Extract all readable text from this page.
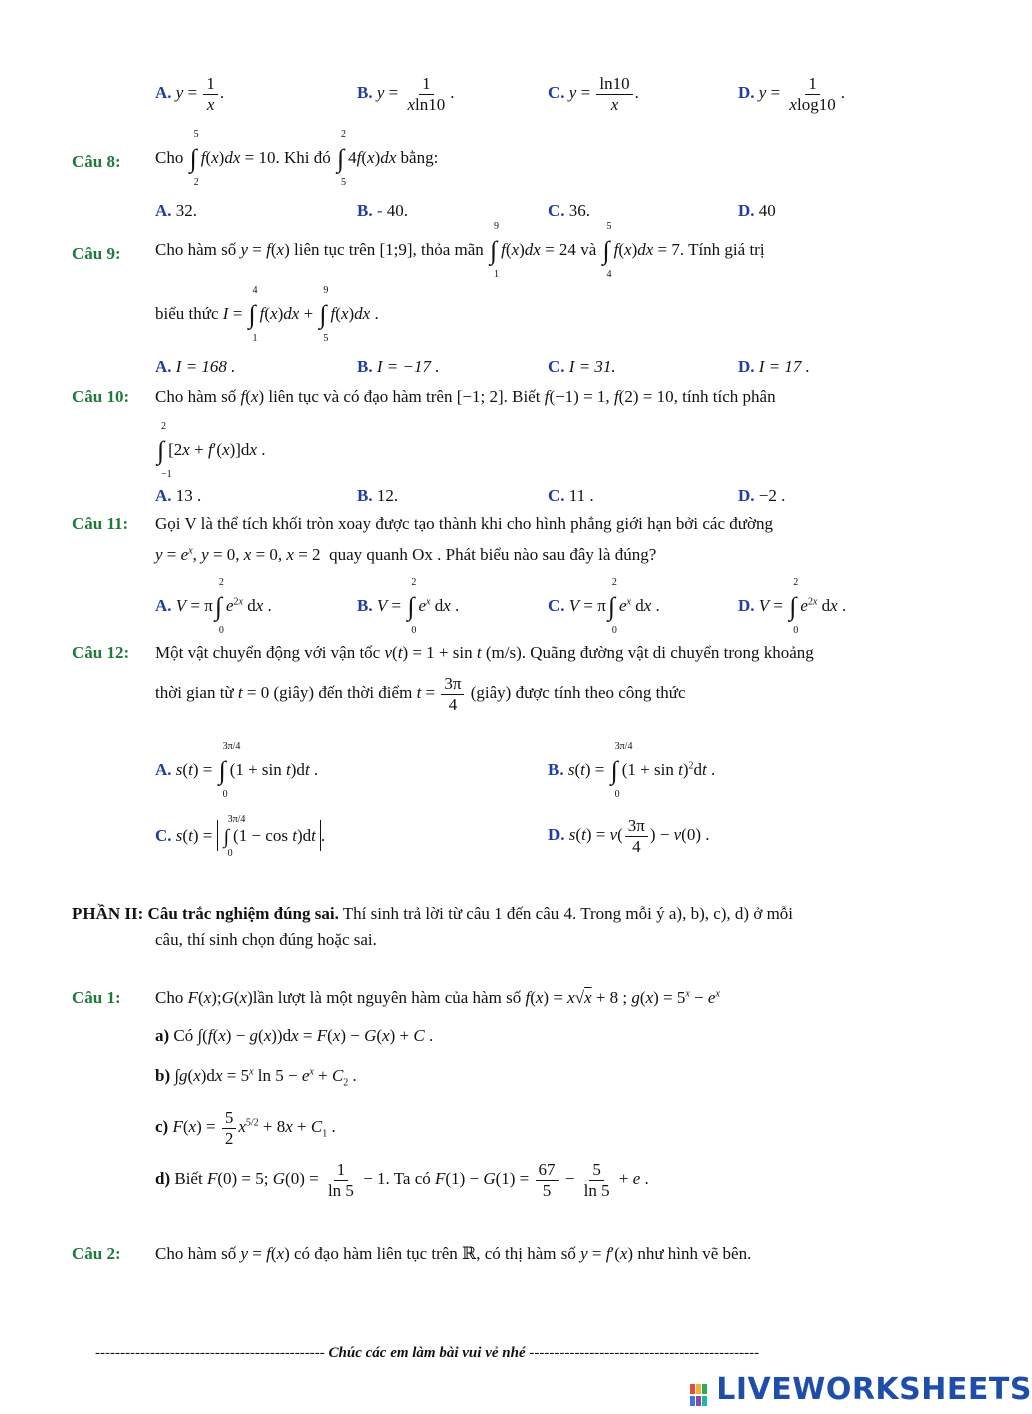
A. $y = \frac{1}{x}$ .	B. $y = \frac{1}{xln10}$ .	C. $y = \frac{\ln 10}{x}$ .	D. $y = \frac{1}{xlog10}$ .
Câu 8: Cho ∫
5
2
f(x)dx = 10. Khi đó ∫
2
5
4f(x)dx bằng:
A. 32.	B. - 40.	C. 36.	D. 40
Câu 9: Cho hàm số y = f(x) liên tục trên [1;9], thỏa mãn ∫
9
1
f(x)dx = 24 và ∫
5
4
f(x)dx = 7. Tính giá trị
biểu thức I = ∫
4
1
f(x)dx + ∫
9
5
f(x)dx .
A. I = 168 .	B. I = −17 .	C. I = 31.	D. I = 17 .
Câu 10: Cho hàm số f(x) liên tục và có đạo hàm trên [−1; 2]. Biết f(−1) = 1, f(2) = 10, tính tích phân
∫
2
−1
[2x + f′(x)]dx .
A. 13 .	B. 12.	C. 11 .	D. −2 .
Câu 11: Gọi V là thể tích khối tròn xoay được tạo thành khi cho hình phẳng giới hạn bởi các đường
$y = e^x$, y = 0, x = 0, x = 2  quay quanh Ox . Phát biểu nào sau đây là đúng?
A. V = π∫
2
0
$e^{2x}$ dx .	B. V = ∫
2
0
$e^x$ dx .	C. V = π∫
2
0
$e^x$ dx .	D. V = ∫
2
0
$e^{2x}$ dx .
Câu 12: Một vật chuyển động với vận tốc v(t) = 1 + sin t (m/s). Quãng đường vật di chuyển trong khoảng
thời gian từ t = 0 (giây) đến thời điểm $t = \frac{3\pi}{4}$ (giây) được tính theo công thức
A. s(t) = ∫
3π/4
0
(1 + sin t)dt .	B. s(t) = ∫
3π/4
0
$(1 + \sin t)^2dt$ .
C. s(t) = ∫
3π/4
0
(1 − cos t)dt .	D. $s(t) = v( \frac{3\pi}{4}$ ) − v(0) .
PHẦN II: Câu trắc nghiệm đúng sai. Thí sinh trả lời từ câu 1 đến câu 4. Trong mỗi ý a), b), c), d) ở mỗi
câu, thí sinh chọn đúng hoặc sai.
Câu 1: Cho F(x);G(x)lần lượt là một nguyên hàm của hàm số f(x) = x√x + 8 ; $g(x) = 5^x - e^x$
a) Có ∫(f(x) − g(x))dx = F(x) − G(x) + C .
b) $\int g(x)dx = 5^x$ $\ln 5 - e^x + C_2$ .
c) $F(x) = \frac{5}{2} x^{5/2} + 8x + C_1$ .
d) Biết F(0) = 5; $G(0) = \frac{1}{\ln 5} - 1$. Ta có $F(1) - G(1) = \frac{67}{5} - \frac{5}{\ln 5} + e$ .
Câu 2: Cho hàm số y = f(x) có đạo hàm liên tục trên ℝ, có thị hàm số y = f′(x) như hình vẽ bên.
---------------------------------------------- Chúc các em làm bài vui vẻ nhé ----------------------------------------------
LIVEWORKSHEETS
